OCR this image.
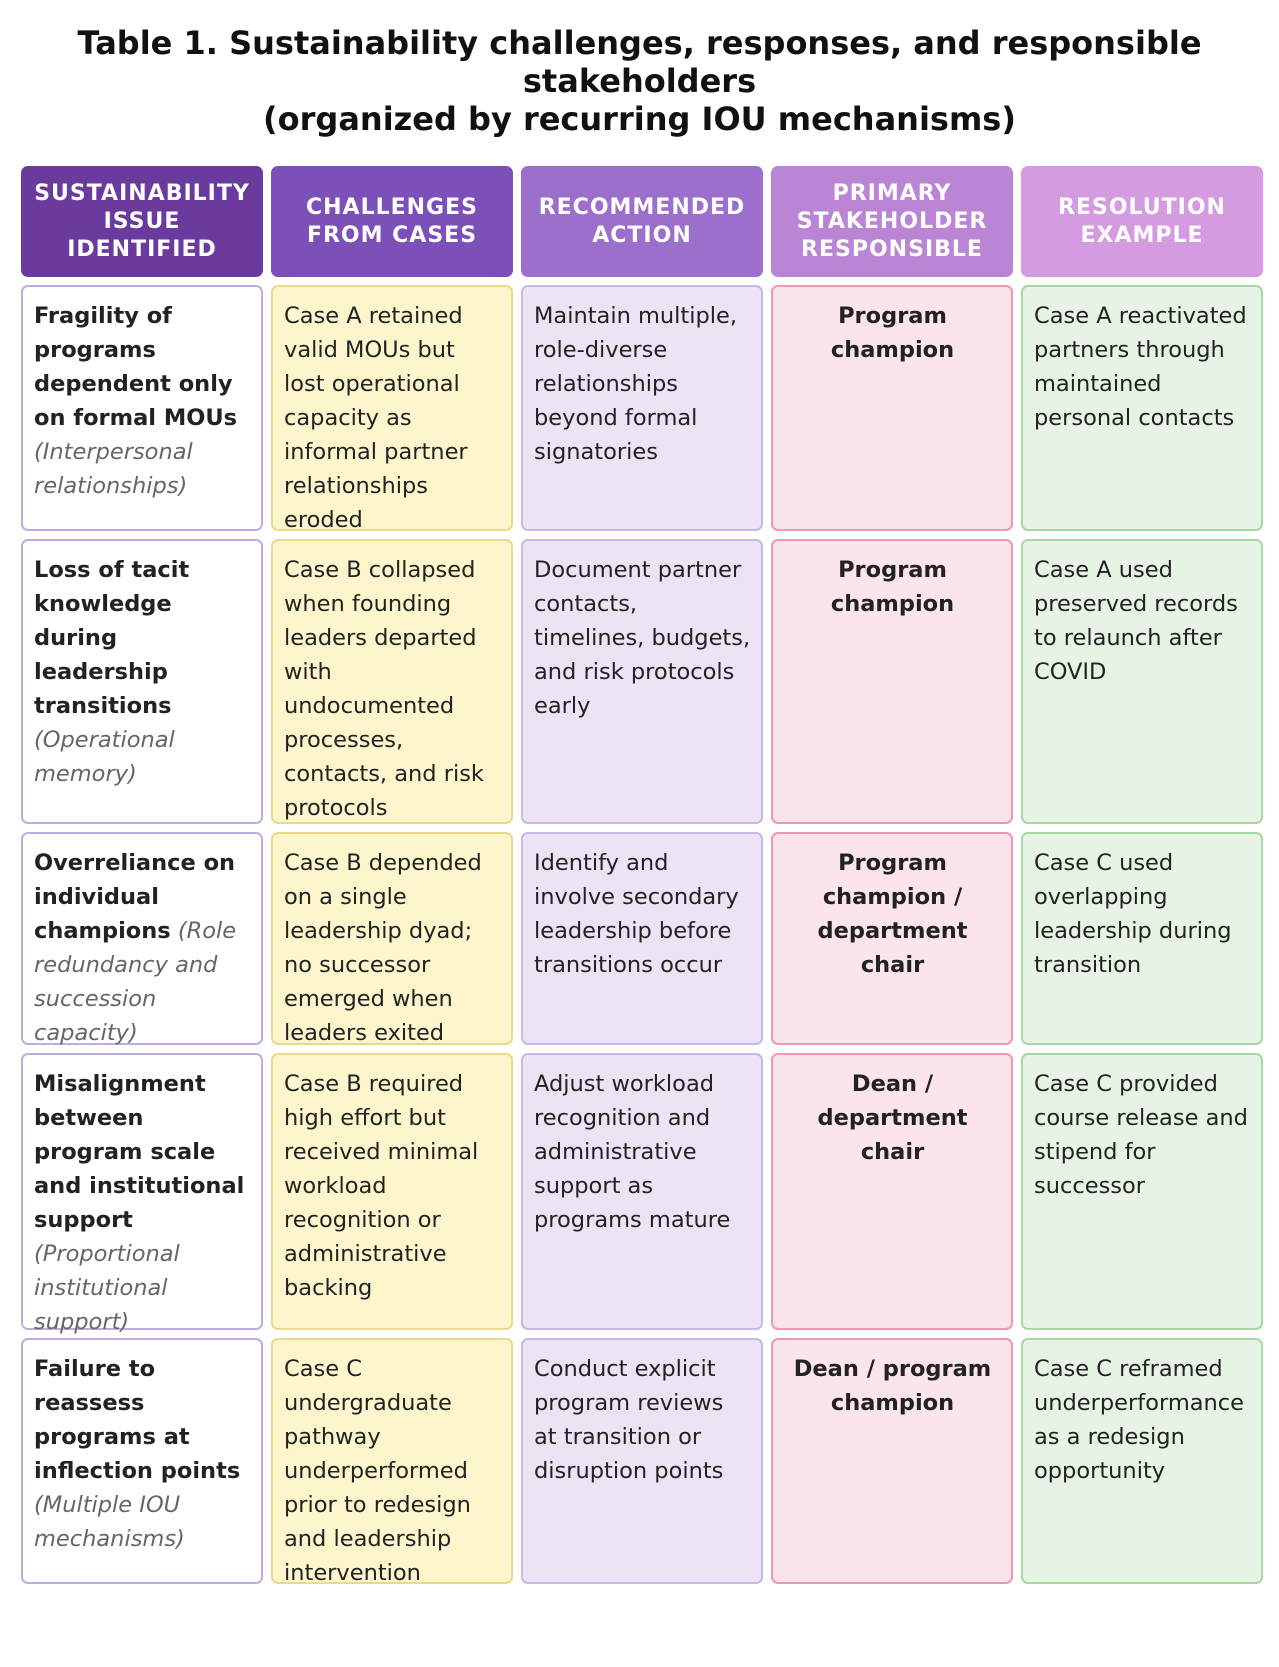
Table 1. Sustainability challenges, responses, and responsible
stakeholders
(organized by recurring IOU mechanisms)
SUSTAINABILITY ISSUE IDENTIFIED
CHALLENGES FROM CASES
RECOMMENDED ACTION
PRIMARY STAKEHOLDER RESPONSIBLE
RESOLUTION EXAMPLE
Fragility of programs dependent only on formal MOUs (Interpersonal relationships)
Case A retained valid MOUs but lost operational capacity as informal partner relationships eroded
Maintain multiple, role-diverse relationships beyond formal signatories
Program champion
Case A reactivated partners through maintained personal contacts
Loss of tacit knowledge during leadership transitions (Operational memory)
Case B collapsed when founding leaders departed with undocumented processes, contacts, and risk protocols
Document partner contacts, timelines, budgets, and risk protocols early
Program champion
Case A used preserved records to relaunch after COVID
Overreliance on individual champions (Role redundancy and succession capacity)
Case B depended on a single leadership dyad; no successor emerged when leaders exited
Identify and involve secondary leadership before transitions occur
Program champion / department chair
Case C used overlapping leadership during transition
Misalignment between program scale and institutional support (Proportional institutional support)
Case B required high effort but received minimal workload recognition or administrative backing
Adjust workload recognition and administrative support as programs mature
Dean / department chair
Case C provided course release and stipend for successor
Failure to reassess programs at inflection points (Multiple IOU mechanisms)
Case C undergraduate pathway underperformed prior to redesign and leadership intervention
Conduct explicit program reviews at transition or disruption points
Dean / program champion
Case C reframed underperformance as a redesign opportunity
